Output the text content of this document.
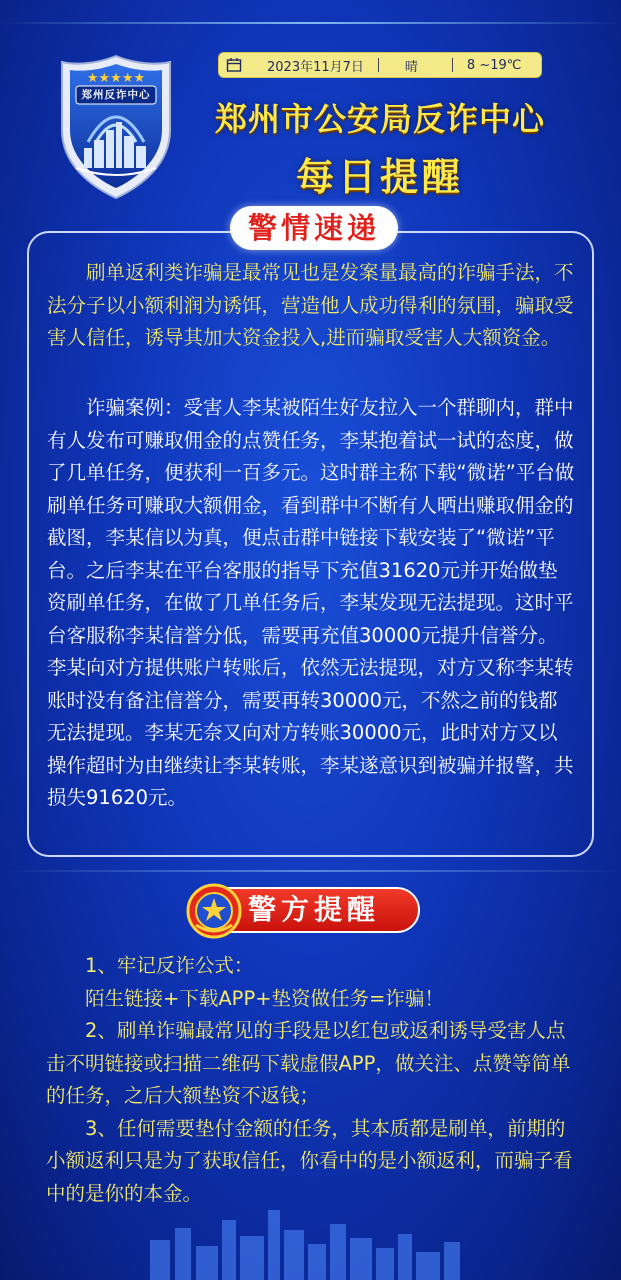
★★★★★
郑州反诈中心
2023年11月7日	晴	8 ~19℃
郑州市公安局反诈中心
每日提醒
警情速递

刷单返利类诈骗是最常见也是发案量最高的诈骗手法，不法分子以小额利润为诱饵，营造他人成功得利的氛围，骗取受害人信任，诱导其加大资金投入,进而骗取受害人大额资金。

诈骗案例：受害人李某被陌生好友拉入一个群聊内，群中有人发布可赚取佣金的点赞任务，李某抱着试一试的态度，做了几单任务，便获利一百多元。这时群主称下载“微诺”平台做刷单任务可赚取大额佣金，看到群中不断有人晒出赚取佣金的截图，李某信以为真，便点击群中链接下载安装了“微诺”平台。之后李某在平台客服的指导下充值31620元并开始做垫资刷单任务，在做了几单任务后，李某发现无法提现。这时平台客服称李某信誉分低，需要再充值30000元提升信誉分。李某向对方提供账户转账后，依然无法提现，对方又称李某转账时没有备注信誉分，需要再转30000元，不然之前的钱都无法提现。李某无奈又向对方转账30000元，此时对方又以操作超时为由继续让李某转账，李某遂意识到被骗并报警，共损失91620元。

警方提醒

1、牢记反诈公式：

陌生链接+下载APP+垫资做任务=诈骗！

2、刷单诈骗最常见的手段是以红包或返利诱导受害人点击不明链接或扫描二维码下载虚假APP，做关注、点赞等简单的任务，之后大额垫资不返钱；

3、任何需要垫付金额的任务，其本质都是刷单，前期的小额返利只是为了获取信任，你看中的是小额返利，而骗子看中的是你的本金。
